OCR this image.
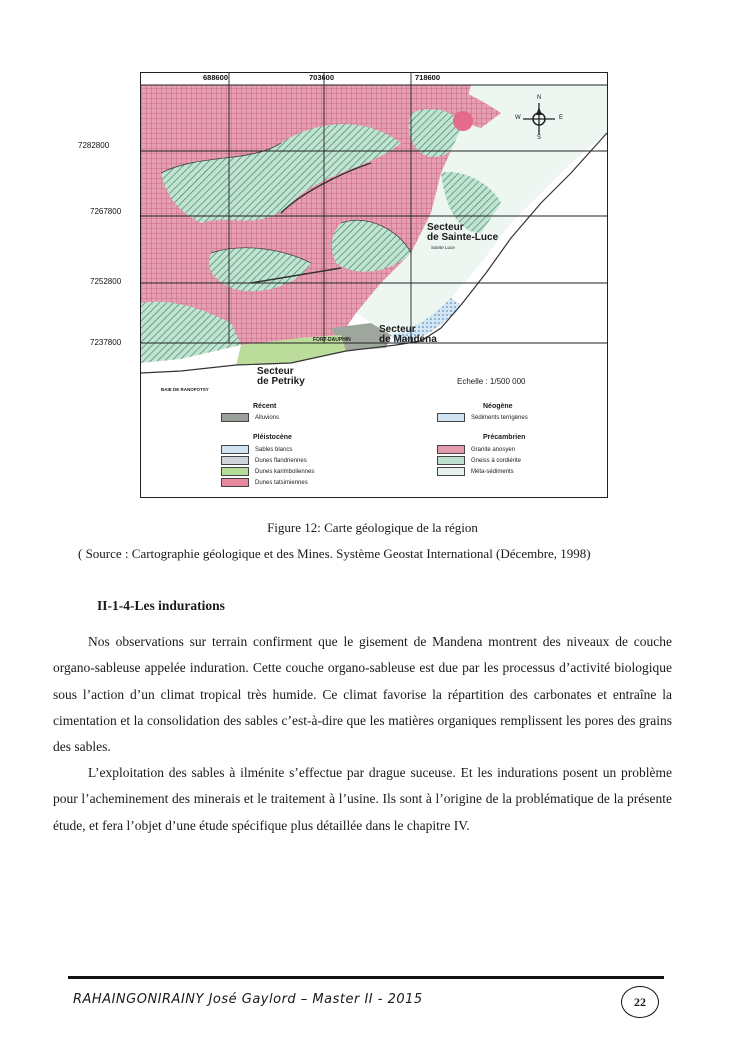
7282800
7267800
7252800
7237800
688600	703600	718600
N
S
W	E
Secteur
de Sainte-Luce
Sainte Luce
Secteur
de Mandena
FORT-DAUPHIN
Secteur
de Petriky
BAIE DE RANOFOTSY
Echelle : 1/500 000
Récent
Alluvions
Pléistocène
Sables blancs
Dunes flandriennes
Dunes karimboliennes
Dunes tatsimiennes
Néogène
Sédiments terrigènes
Précambrien
Granite anosyen
Gneiss à cordiérite
Méta-sédiments
Figure 12: Carte géologique de la région
( Source : Cartographie géologique et des Mines. Système Geostat International (Décembre, 1998)
II-1-4-Les indurations

Nos observations sur terrain confirment que le gisement de Mandena montrent des niveaux de couche organo-sableuse appelée induration. Cette couche organo-sableuse est due par les processus d’activité biologique sous l’action d’un climat tropical très humide. Ce climat favorise la répartition des carbonates et entraîne la cimentation et la consolidation des sables c’est-à-dire que les matières organiques remplissent les pores des grains des sables.

L’exploitation des sables à ilménite s’effectue par drague suceuse. Et les indurations posent un problème pour l’acheminement des minerais et le traitement à l’usine. Ils sont à l’origine de la problématique de la présente étude, et fera l’objet d’une étude spécifique plus détaillée dans le chapitre IV.

RAHAINGONIRAINY José Gaylord – Master II - 2015	22
